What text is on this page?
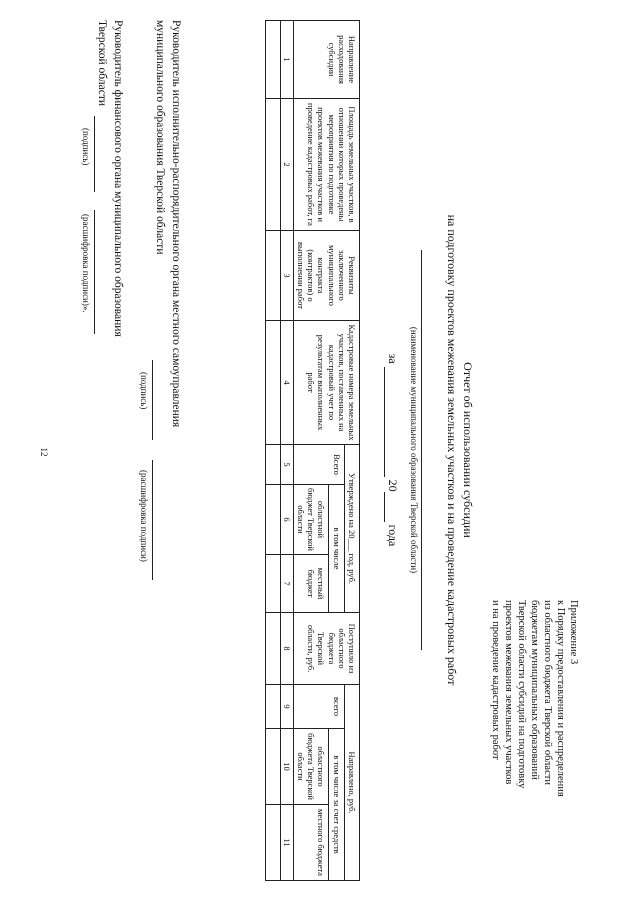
12
Приложение 3
к Порядку предоставления и распределения
из областного бюджета Тверской области
бюджетам муниципальных образований
Тверской области субсидий на подготовку
проектов межевания земельных участков
и на проведение кадастровых работ
Отчет об использовании субсидии
на подготовку проектов межевания земельных участков и на проведение кадастровых работ
(наименование муниципального образования Тверской области)
за   20  года
Направление расходования субсидии	Площадь земельных участков, в отношении которых проведены мероприятия по подготовке проектов межевания участков и проведение кадастровых работ, га	Реквизиты заключенного муниципального контракта (контрактов) о выполнении работ	Кадастровые номера земельных участков, поставленных на кадастровый учет по результатам выполненных работ	Утверждено на 20___ год, руб.			Поступило из областного бюджета Тверской области, руб.	Направлено, руб.		
				Всего	в том числе			всего	в том числе за счет средств	
					областной бюджет Тверской области	местный бюджет			областного бюджета Тверской области	местного бюджета
1	2	3	4	5	6	7	8	9	10	11

Руководитель исполнительно-распорядительного органа местного самоуправления
муниципального образования Тверской области
(подпись)
(расшифровка подписи)
Руководитель финансового органа муниципального образования
Тверской области
(подпись)
(расшифровка подписи)».
